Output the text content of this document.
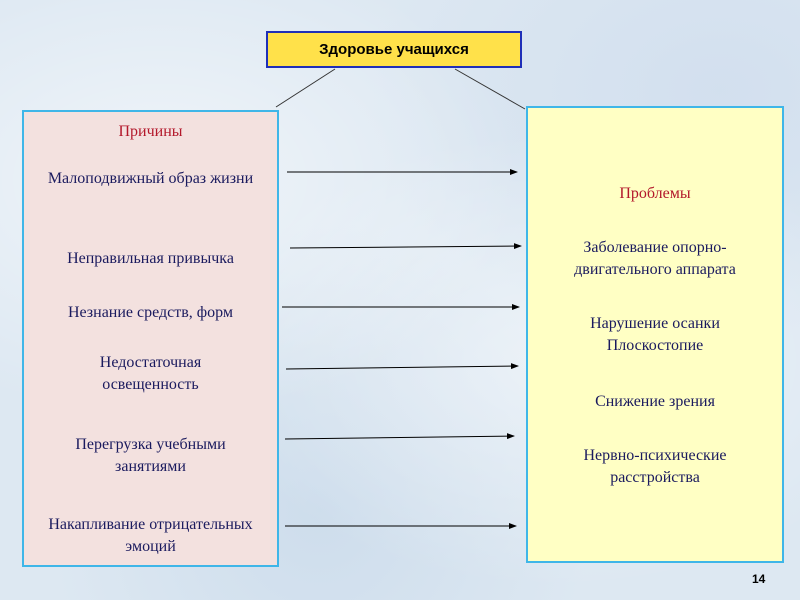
Здоровье учащихся
Причины
Малоподвижный образ жизни
Неправильная привычка
Незнание средств, форм
Недостаточная освещенность
Перегрузка учебными занятиями
Накапливание отрицательных эмоций
Проблемы
Заболевание опорно-двигательного аппарата
Нарушение осанки
Плоскостопие
Снижение зрения
Нервно-психические расстройства
14
